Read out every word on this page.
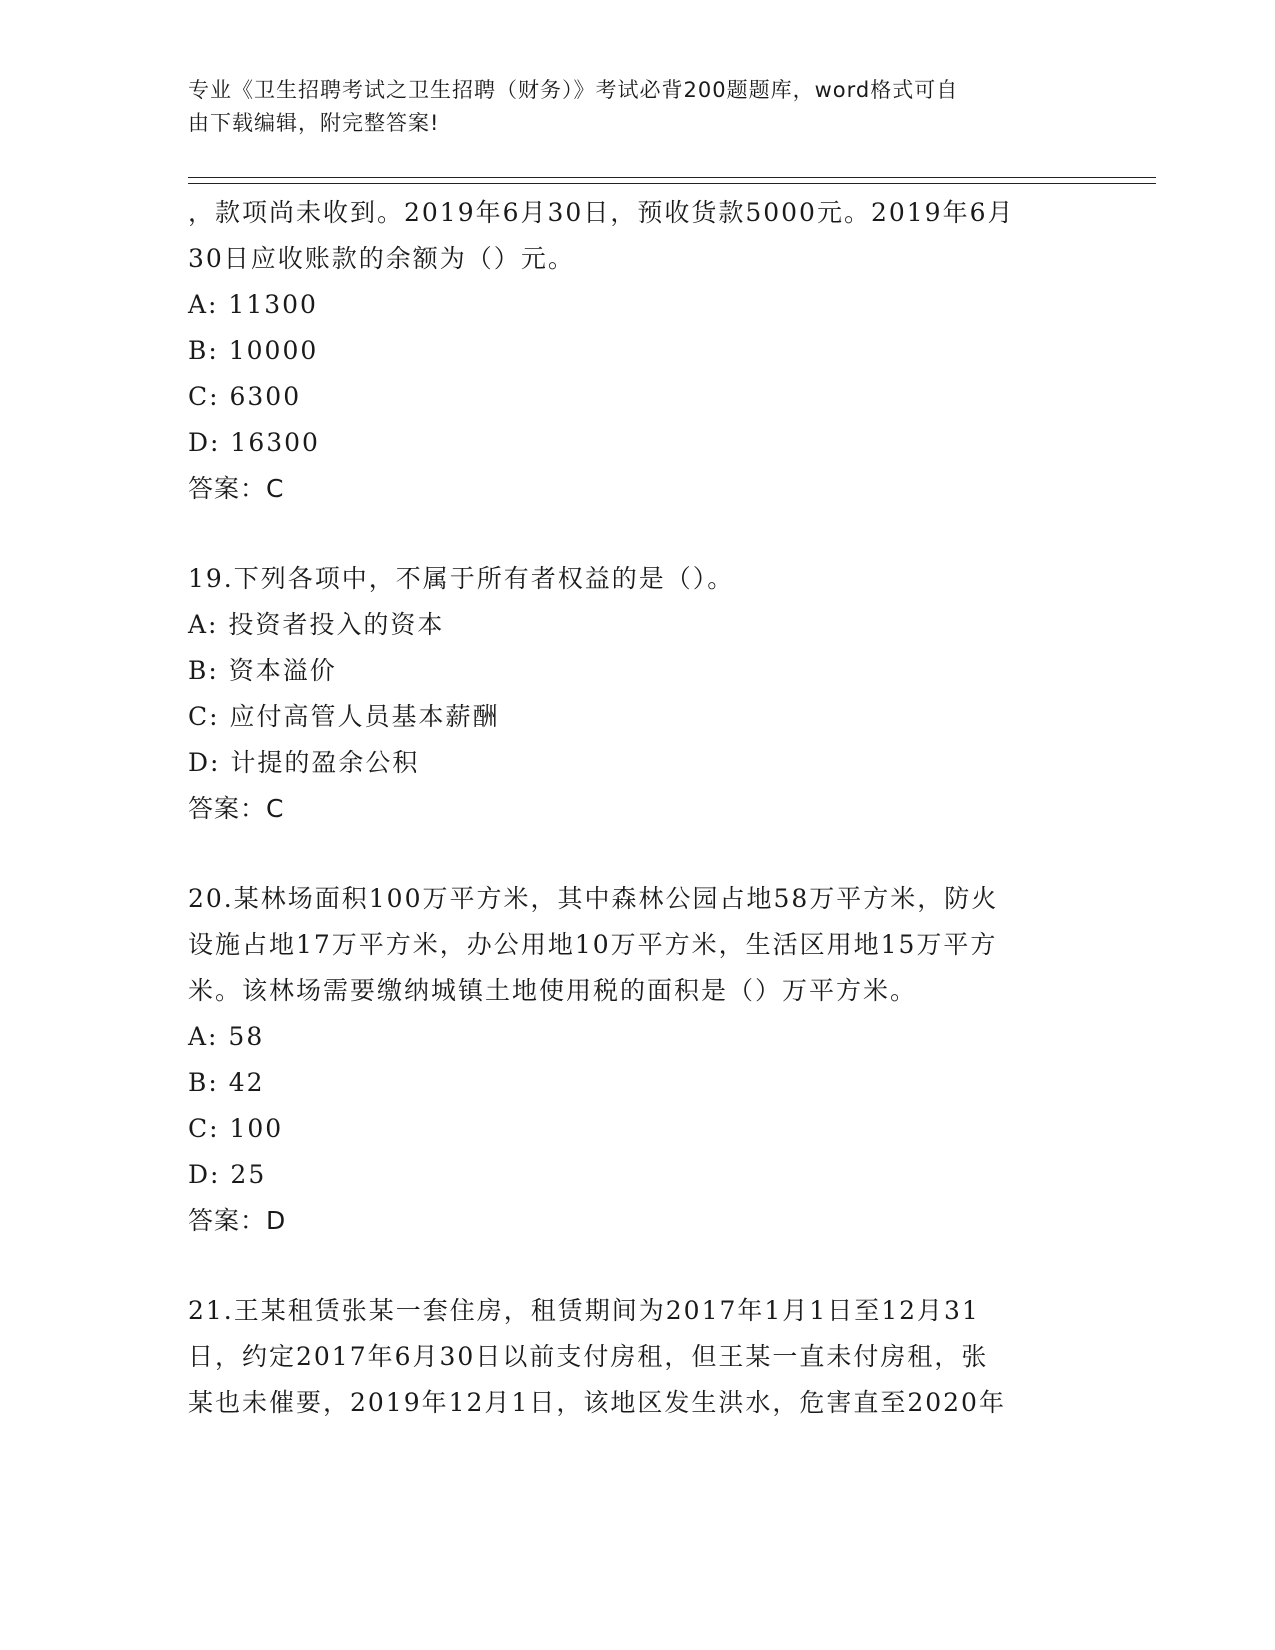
专业《卫生招聘考试之卫生招聘（财务）》考试必背200题题库，word格式可自
由下载编辑，附完整答案!
，款项尚未收到。2019年6月30日，预收货款5000元。2019年6月
30日应收账款的余额为（）元。
A: 11300
B: 10000
C: 6300
D: 16300
答案：C
19.下列各项中，不属于所有者权益的是（）。
A: 投资者投入的资本
B: 资本溢价
C: 应付高管人员基本薪酬
D: 计提的盈余公积
答案：C
20.某林场面积100万平方米，其中森林公园占地58万平方米，防火
设施占地17万平方米，办公用地10万平方米，生活区用地15万平方
米。该林场需要缴纳城镇土地使用税的面积是（）万平方米。
A: 58
B: 42
C: 100
D: 25
答案：D
21.王某租赁张某一套住房，租赁期间为2017年1月1日至12月31
日，约定2017年6月30日以前支付房租，但王某一直未付房租，张
某也未催要，2019年12月1日，该地区发生洪水，危害直至2020年
